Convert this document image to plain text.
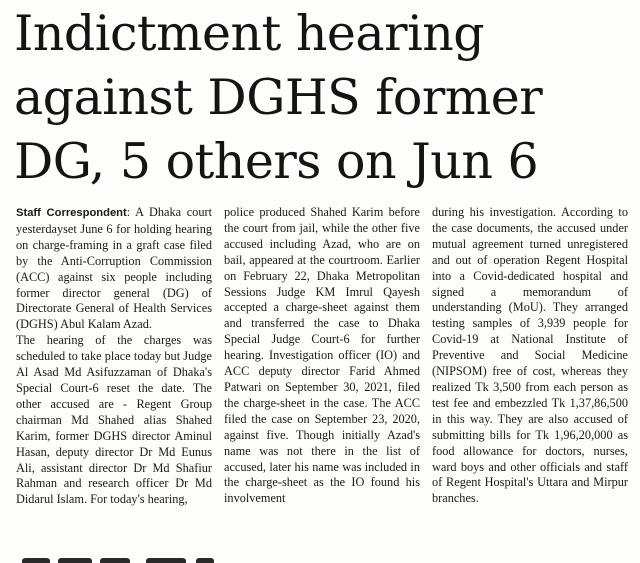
Indictment hearing against DGHS former DG, 5 others on Jun 6

Staff Correspondent: A Dhaka court yesterdayset June 6 for holding hearing on charge-framing in a graft case filed by the Anti-Corruption Commission (ACC) against six people including former director general (DG) of Directorate General of Health Services (DGHS) Abul Kalam Azad.

The hearing of the charges was scheduled to take place today but Judge Al Asad Md Asifuzzaman of Dhaka's Special Court-6 reset the date. The other accused are - Regent Group chairman Md Shahed alias Shahed Karim, former DGHS director Aminul Hasan, deputy director Dr Md Eunus Ali, assistant director Dr Md Shafiur Rahman and research officer Dr Md Didarul Islam. For today's hearing,

police produced Shahed Karim before the court from jail, while the other five accused including Azad, who are on bail, appeared at the courtroom. Earlier on February 22, Dhaka Metropolitan Sessions Judge KM Imrul Qayesh accepted a charge-sheet against them and transferred the case to Dhaka Special Judge Court-6 for further hearing. Investigation officer (IO) and ACC deputy director Farid Ahmed Patwari on September 30, 2021, filed the charge-sheet in the case. The ACC filed the case on September 23, 2020, against five. Though initially Azad's name was not there in the list of accused, later his name was included in the charge-sheet as the IO found his involvement

during his investigation. According to the case documents, the accused under mutual agreement turned unregistered and out of operation Regent Hospital into a Covid-dedicated hospital and signed a memorandum of understanding (MoU). They arranged testing samples of 3,939 people for Covid-19 at National Institute of Preventive and Social Medicine (NIPSOM) free of cost, whereas they realized Tk 3,500 from each person as test fee and embezzled Tk 1,37,86,500 in this way. They are also accused of submitting bills for Tk 1,96,20,000 as food allowance for doctors, nurses, ward boys and other officials and staff of Regent Hospital's Uttara and Mirpur branches.
